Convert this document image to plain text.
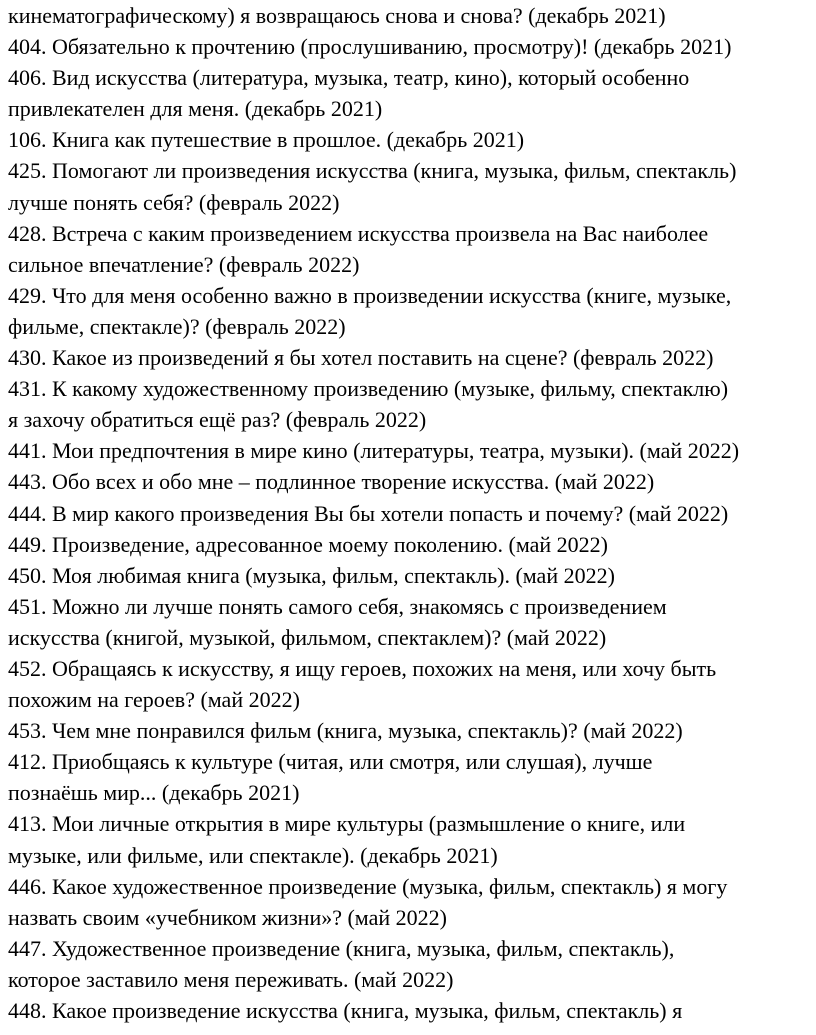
кинематографическому) я возвращаюсь снова и снова? (декабрь 2021)
404. Обязательно к прочтению (прослушиванию, просмотру)! (декабрь 2021)
406. Вид искусства (литература, музыка, театр, кино), который особенно
привлекателен для меня. (декабрь 2021)
106. Книга как путешествие в прошлое. (декабрь 2021)
425. Помогают ли произведения искусства (книга, музыка, фильм, спектакль)
лучше понять себя? (февраль 2022)
428. Встреча с каким произведением искусства произвела на Вас наиболее
сильное впечатление? (февраль 2022)
429. Что для меня особенно важно в произведении искусства (книге, музыке,
фильме, спектакле)? (февраль 2022)
430. Какое из произведений я бы хотел поставить на сцене? (февраль 2022)
431. К какому художественному произведению (музыке, фильму, спектаклю)
я захочу обратиться ещё раз? (февраль 2022)
441. Мои предпочтения в мире кино (литературы, театра, музыки). (май 2022)
443. Обо всех и обо мне – подлинное творение искусства. (май 2022)
444. В мир какого произведения Вы бы хотели попасть и почему? (май 2022)
449. Произведение, адресованное моему поколению. (май 2022)
450. Моя любимая книга (музыка, фильм, спектакль). (май 2022)
451. Можно ли лучше понять самого себя, знакомясь с произведением
искусства (книгой, музыкой, фильмом, спектаклем)? (май 2022)
452. Обращаясь к искусству, я ищу героев, похожих на меня, или хочу быть
похожим на героев? (май 2022)
453. Чем мне понравился фильм (книга, музыка, спектакль)? (май 2022)
412. Приобщаясь к культуре (читая, или смотря, или слушая), лучше
познаёшь мир... (декабрь 2021)
413. Мои личные открытия в мире культуры (размышление о книге, или
музыке, или фильме, или спектакле). (декабрь 2021)
446. Какое художественное произведение (музыка, фильм, спектакль) я могу
назвать своим «учебником жизни»? (май 2022)
447. Художественное произведение (книга, музыка, фильм, спектакль),
которое заставило меня переживать. (май 2022)
448. Какое произведение искусства (книга, музыка, фильм, спектакль) я
